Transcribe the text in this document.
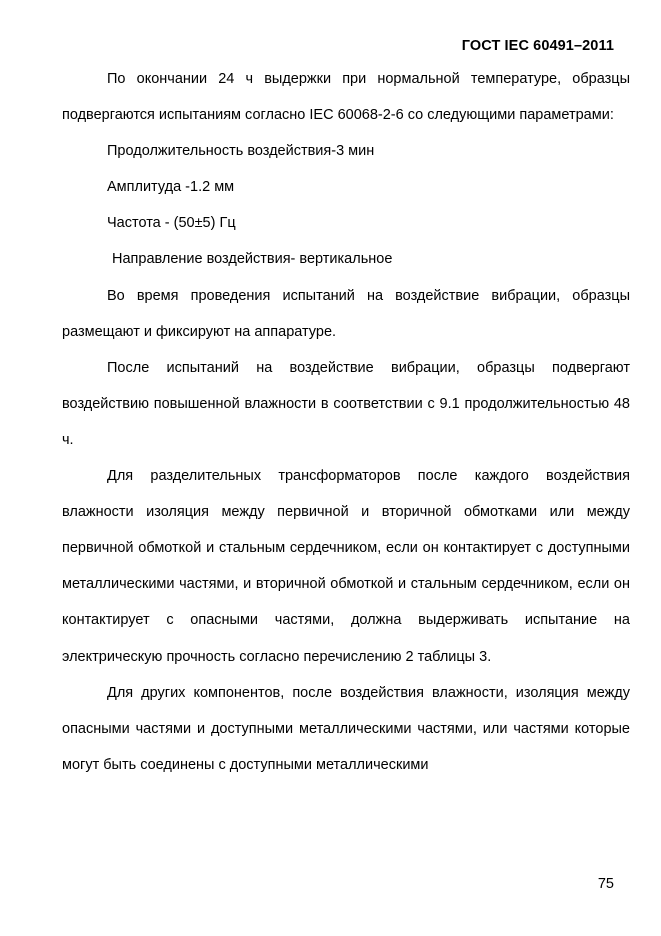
ГОСТ IEC 60491–2011

По окончании 24 ч выдержки при нормальной температуре, образцы подвергаются испытаниям согласно IEC 60068-2-6 со следующими параметрами:

Продолжительность воздействия-3 мин

Амплитуда -1.2 мм

Частота - (50±5) Гц

Направление воздействия- вертикальное

Во время проведения испытаний на воздействие вибрации, образцы размещают и фиксируют на аппаратуре.

После испытаний на воздействие вибрации, образцы подвергают воздействию повышенной влажности в соответствии с 9.1 продолжительностью 48 ч.

Для разделительных трансформаторов после каждого воздействия влажности изоляция между первичной и вторичной обмотками или между первичной обмоткой и стальным сердечником, если он контактирует с доступными металлическими частями, и вторичной обмоткой и стальным сердечником, если он контактирует с опасными частями, должна выдерживать испытание на электрическую прочность согласно перечислению 2 таблицы 3.

Для других компонентов, после воздействия влажности, изоляция между опасными частями и доступными металлическими частями, или частями которые могут быть соединены с доступными металлическими

75
